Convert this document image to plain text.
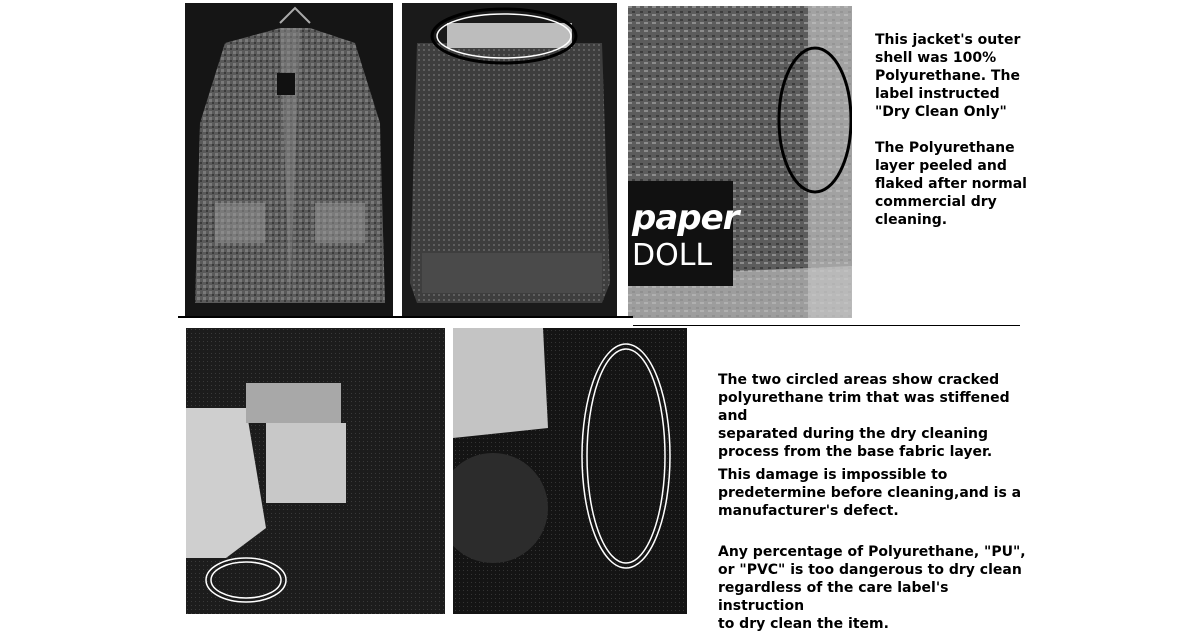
paper
DOLL
This jacket's outer
shell was 100%
Polyurethane. The
label instructed
"Dry Clean Only"

The Polyurethane
layer peeled and
flaked after normal
commercial dry
cleaning.
The two circled areas show cracked
polyurethane trim that was stiffened and
separated during the dry cleaning
process from the base fabric layer.
This damage is impossible to
predetermine before cleaning,and is a
manufacturer's defect.
Any percentage of Polyurethane, "PU",
or "PVC" is too dangerous to dry clean
regardless of the care label's instruction
to dry clean the item.
